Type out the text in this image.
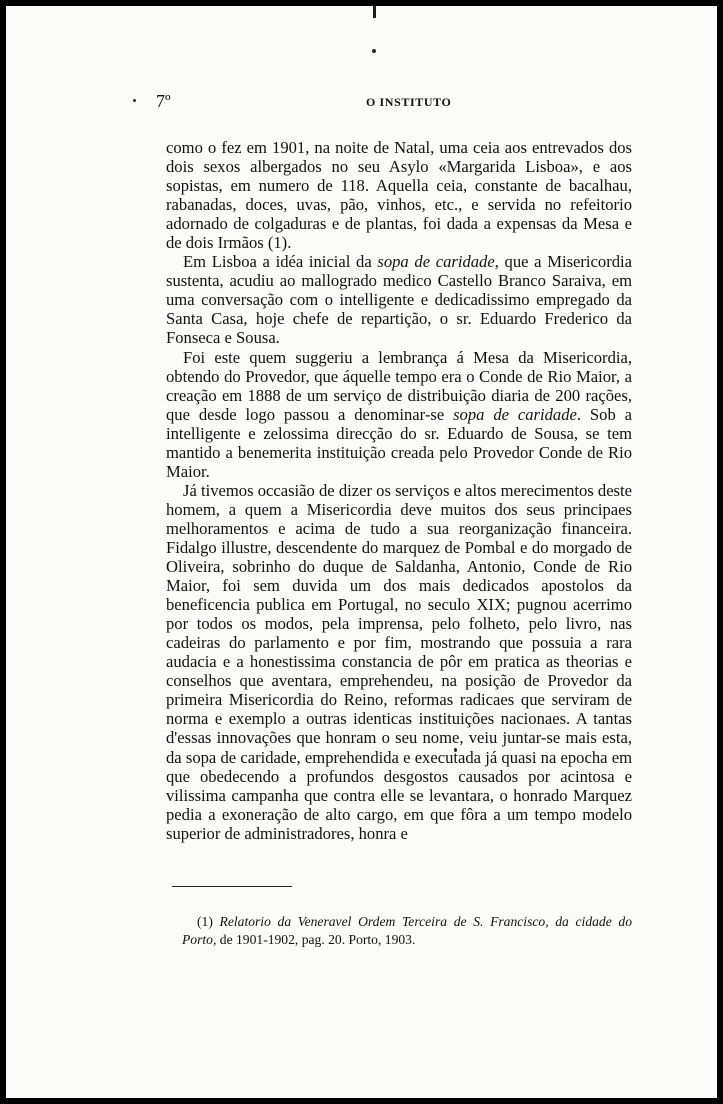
7º	O INSTITUTO

como o fez em 1901, na noite de Natal, uma ceia aos entrevados dos dois sexos albergados no seu Asylo «Margarida Lisboa», e aos sopistas, em numero de 118. Aquella ceia, constante de bacalhau, rabanadas, doces, uvas, pão, vinhos, etc., e servida no refeitorio adornado de colgaduras e de plantas, foi dada a expensas da Mesa e de dois Irmãos (1).

Em Lisboa a idéa inicial da sopa de caridade, que a Misericordia sustenta, acudiu ao mallogrado medico Castello Branco Saraiva, em uma conversação com o intelligente e dedicadissimo empregado da Santa Casa, hoje chefe de repartição, o sr. Eduardo Frederico da Fonseca e Sousa.

Foi este quem suggeriu a lembrança á Mesa da Misericordia, obtendo do Provedor, que áquelle tempo era o Conde de Rio Maior, a creação em 1888 de um serviço de distribuição diaria de 200 rações, que desde logo passou a denominar-se sopa de caridade. Sob a intelligente e zelossima direcção do sr. Eduardo de Sousa, se tem mantido a benemerita instituição creada pelo Provedor Conde de Rio Maior.

Já tivemos occasião de dizer os serviços e altos merecimentos deste homem, a quem a Misericordia deve muitos dos seus principaes melhoramentos e acima de tudo a sua reorganização financeira. Fidalgo illustre, descendente do marquez de Pombal e do morgado de Oliveira, sobrinho do duque de Saldanha, Antonio, Conde de Rio Maior, foi sem duvida um dos mais dedicados apostolos da beneficencia publica em Portugal, no seculo XIX; pugnou acerrimo por todos os modos, pela imprensa, pelo folheto, pelo livro, nas cadeiras do parlamento e por fim, mostrando que possuia a rara audacia e a honestissima constancia de pôr em pratica as theorias e conselhos que aventara, emprehendeu, na posição de Provedor da primeira Misericordia do Reino, reformas radicaes que serviram de norma e exemplo a outras identicas instituições nacionaes. A tantas d'essas innovações que honram o seu nome, veiu juntar-se mais esta, da sopa de caridade, emprehendida e executada já quasi na epocha em que obedecendo a profundos desgostos causados por acintosa e vilissima campanha que contra elle se levantara, o honrado Marquez pedia a exoneração de alto cargo, em que fôra a um tempo modelo superior de administradores, honra e

(1) Relatorio da Veneravel Ordem Terceira de S. Francisco, da cidade do Porto, de 1901-1902, pag. 20. Porto, 1903.
